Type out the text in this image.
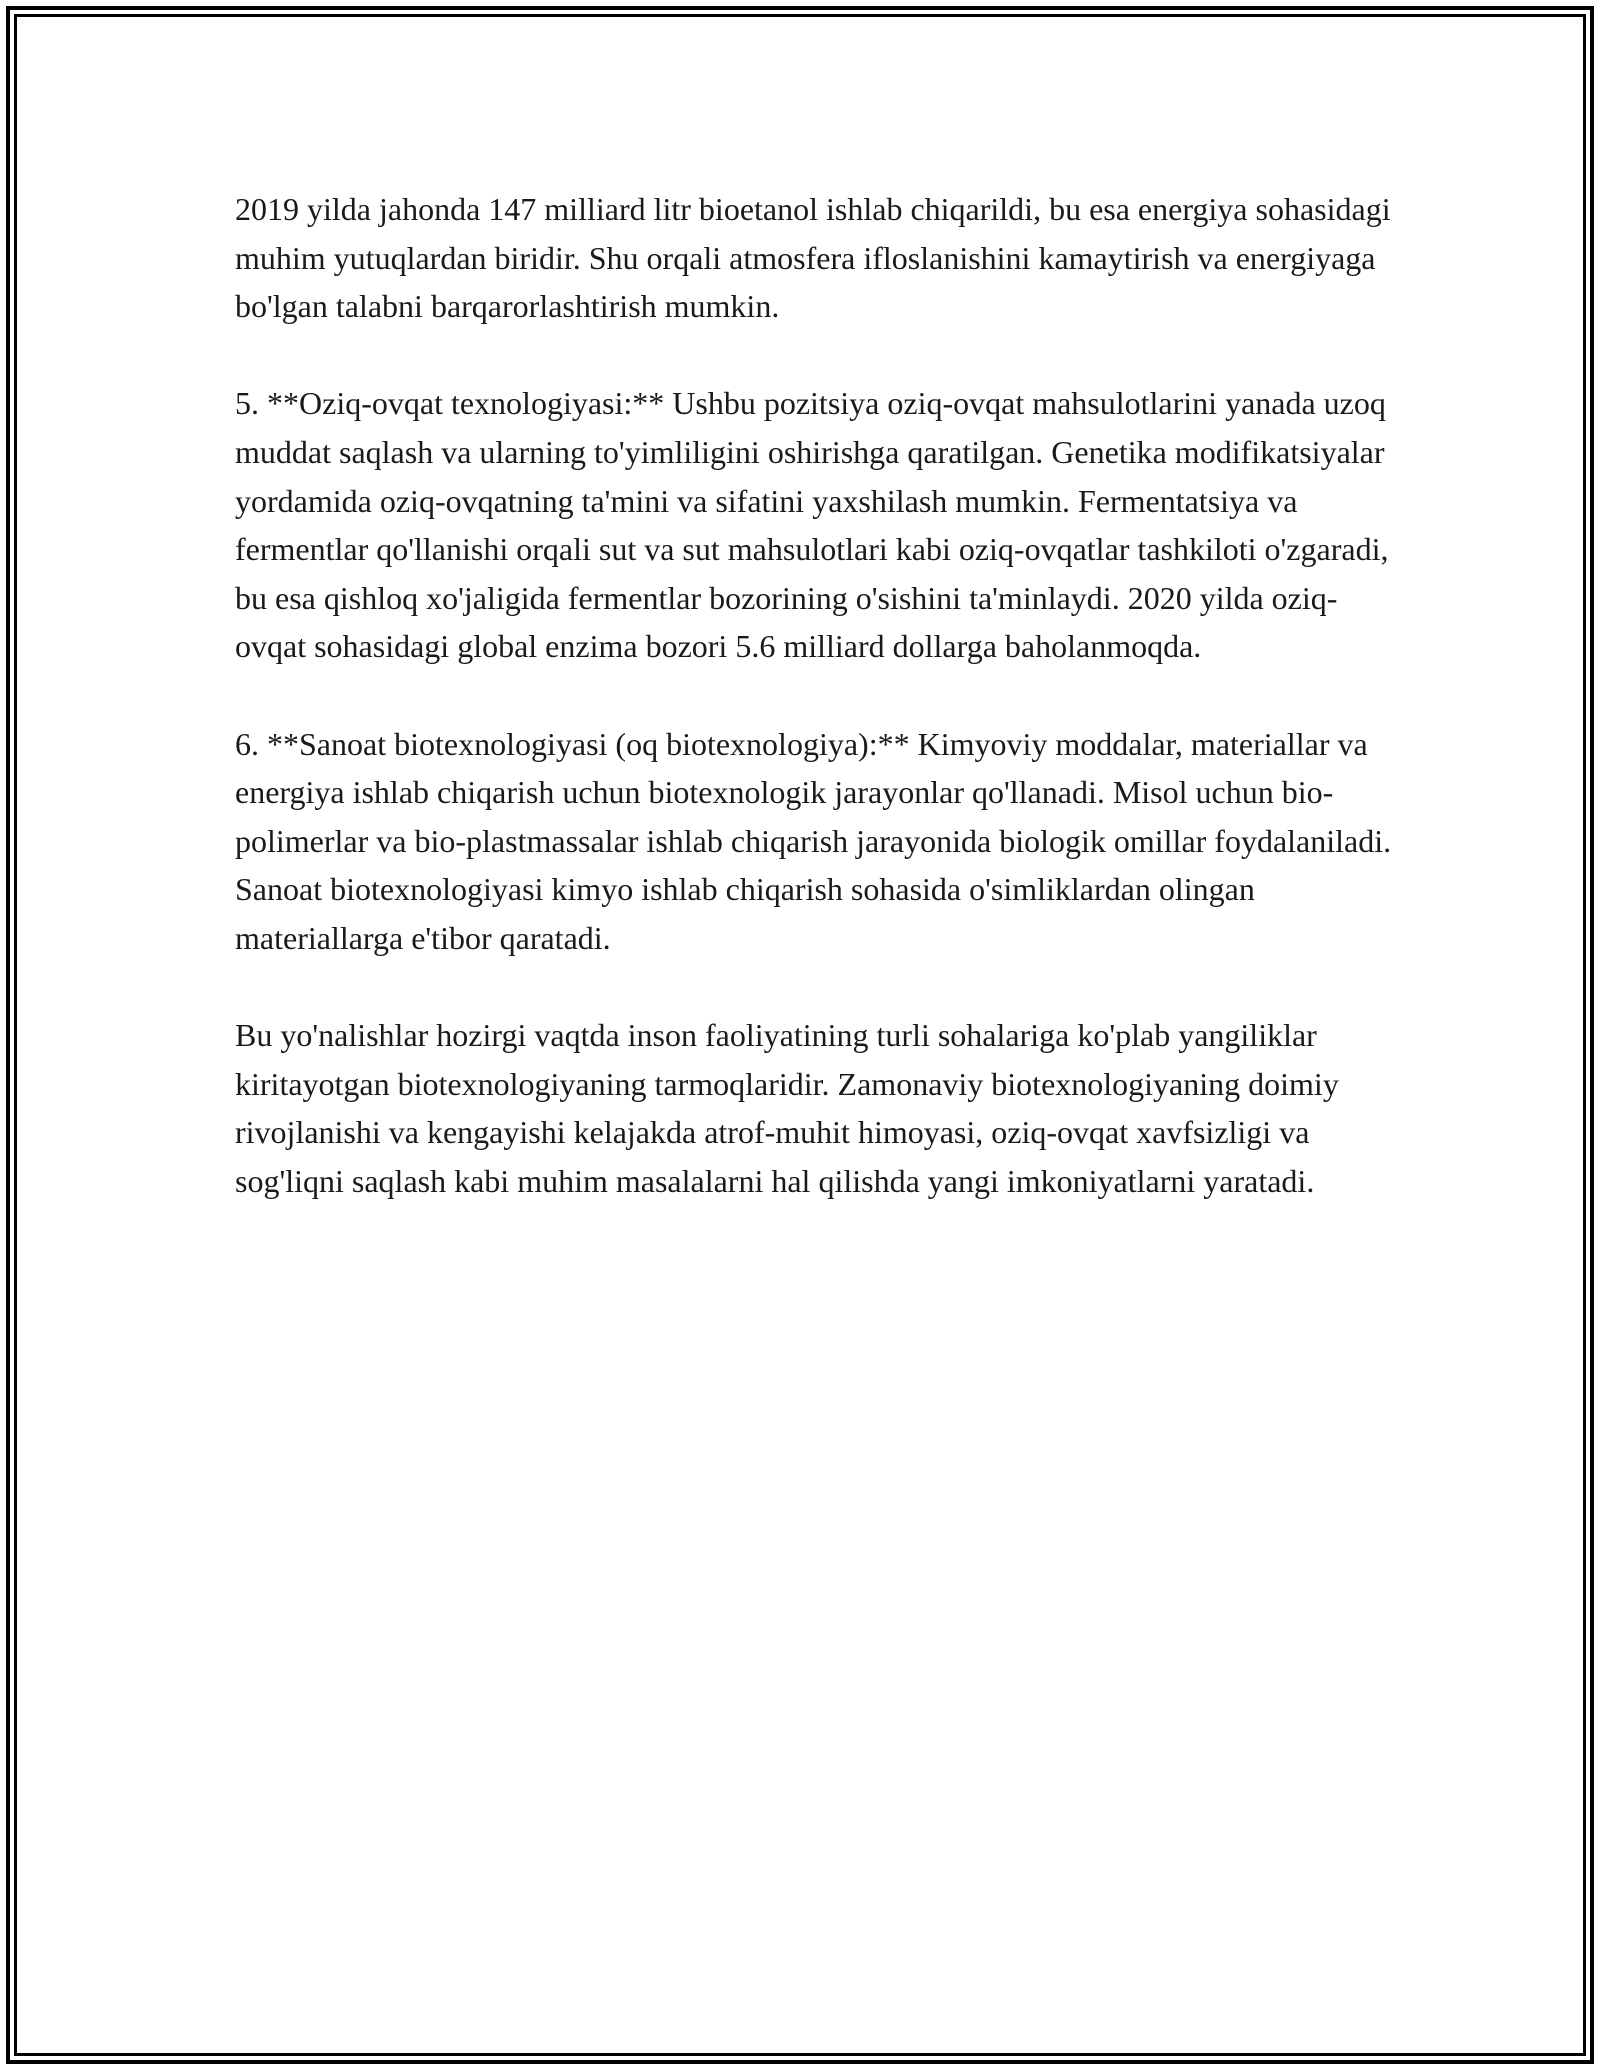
2019 yilda jahonda 147 milliard litr bioetanol ishlab chiqarildi, bu esa energiya sohasidagi muhim yutuqlardan biridir. Shu orqali atmosfera ifloslanishini kamaytirish va energiyaga bo'lgan talabni barqarorlashtirish mumkin.

5. **Oziq-ovqat texnologiyasi:** Ushbu pozitsiya oziq-ovqat mahsulotlarini yanada uzoq muddat saqlash va ularning to'yimliligini oshirishga qaratilgan. Genetika modifikatsiyalar yordamida oziq-ovqatning ta'mini va sifatini yaxshilash mumkin. Fermentatsiya va fermentlar qo'llanishi orqali sut va sut mahsulotlari kabi oziq-ovqatlar tashkiloti o'zgaradi, bu esa qishloq xo'jaligida fermentlar bozorining o'sishini ta'minlaydi. 2020 yilda oziq-ovqat sohasidagi global enzima bozori 5.6 milliard dollarga baholanmoqda.

6. **Sanoat biotexnologiyasi (oq biotexnologiya):** Kimyoviy moddalar, materiallar va energiya ishlab chiqarish uchun biotexnologik jarayonlar qo'llanadi. Misol uchun bio-polimerlar va bio-plastmassalar ishlab chiqarish jarayonida biologik omillar foydalaniladi. Sanoat biotexnologiyasi kimyo ishlab chiqarish sohasida o'simliklardan olingan materiallarga e'tibor qaratadi.

Bu yo'nalishlar hozirgi vaqtda inson faoliyatining turli sohalariga ko'plab yangiliklar kiritayotgan biotexnologiyaning tarmoqlaridir. Zamonaviy biotexnologiyaning doimiy rivojlanishi va kengayishi kelajakda atrof-muhit himoyasi, oziq-ovqat xavfsizligi va sog'liqni saqlash kabi muhim masalalarni hal qilishda yangi imkoniyatlarni yaratadi.
